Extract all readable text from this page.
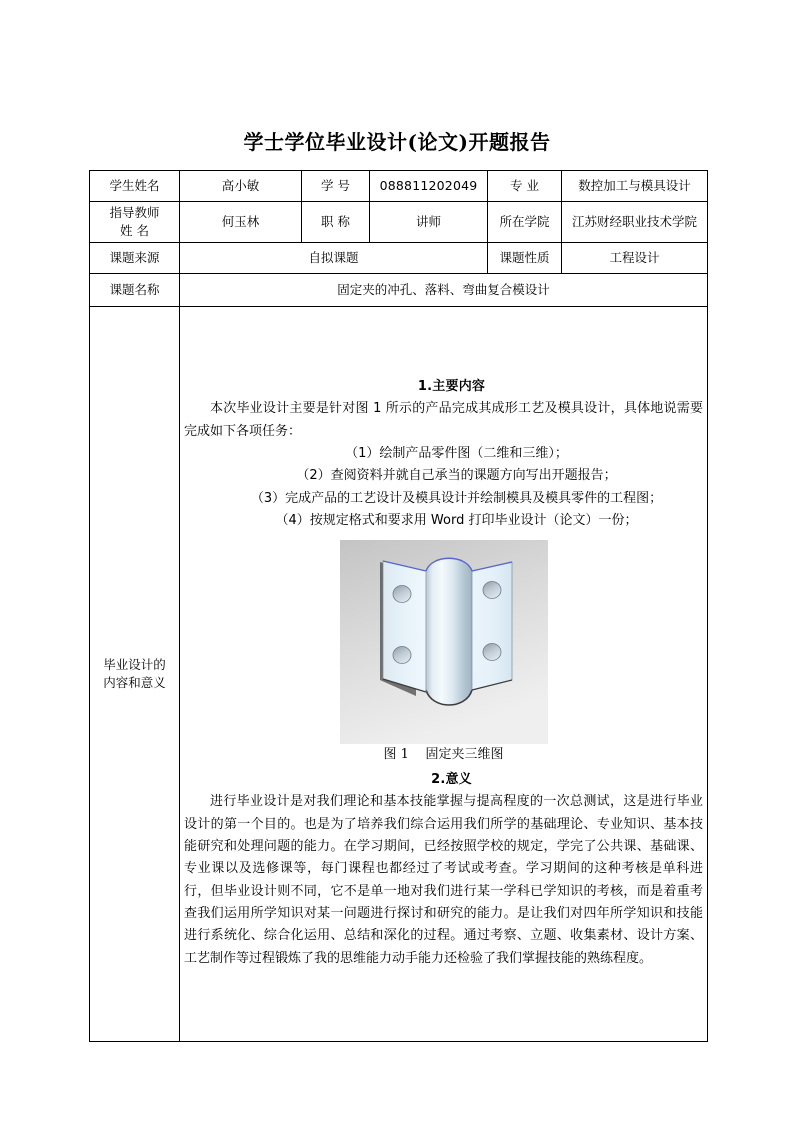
学士学位毕业设计(论文)开题报告
学生姓名	高小敏	学 号	088811202049	专 业	数控加工与模具设计

指导教师
姓 名	何玉林	职 称	讲师	所在学院	江苏财经职业技术学院
课题来源	自拟课题			课题性质	工程设计
课题名称	固定夹的冲孔、落料、弯曲复合模设计				

毕业设计的
内容和意义

1.主要内容

本次毕业设计主要是针对图 1 所示的产品完成其成形工艺及模具设计，具体地说需要完成如下各项任务：

（1）绘制产品零件图（二维和三维）；

（2）查阅资料并就自己承当的课题方向写出开题报告；

（3）完成产品的工艺设计及模具设计并绘制模具及模具零件的工程图；

（4）按规定格式和要求用 Word 打印毕业设计（论文）一份；

图 1 固定夹三维图
2.意义

进行毕业设计是对我们理论和基本技能掌握与提高程度的一次总测试，这是进行毕业设计的第一个目的。也是为了培养我们综合运用我们所学的基础理论、专业知识、基本技能研究和处理问题的能力。在学习期间，已经按照学校的规定，学完了公共课、基础课、专业课以及选修课等，每门课程也都经过了考试或考查。学习期间的这种考核是单科进行，但毕业设计则不同，它不是单一地对我们进行某一学科已学知识的考核，而是着重考查我们运用所学知识对某一问题进行探讨和研究的能力。是让我们对四年所学知识和技能进行系统化、综合化运用、总结和深化的过程。通过考察、立题、收集素材、设计方案、工艺制作等过程锻炼了我的思维能力动手能力还检验了我们掌握技能的熟练程度。
